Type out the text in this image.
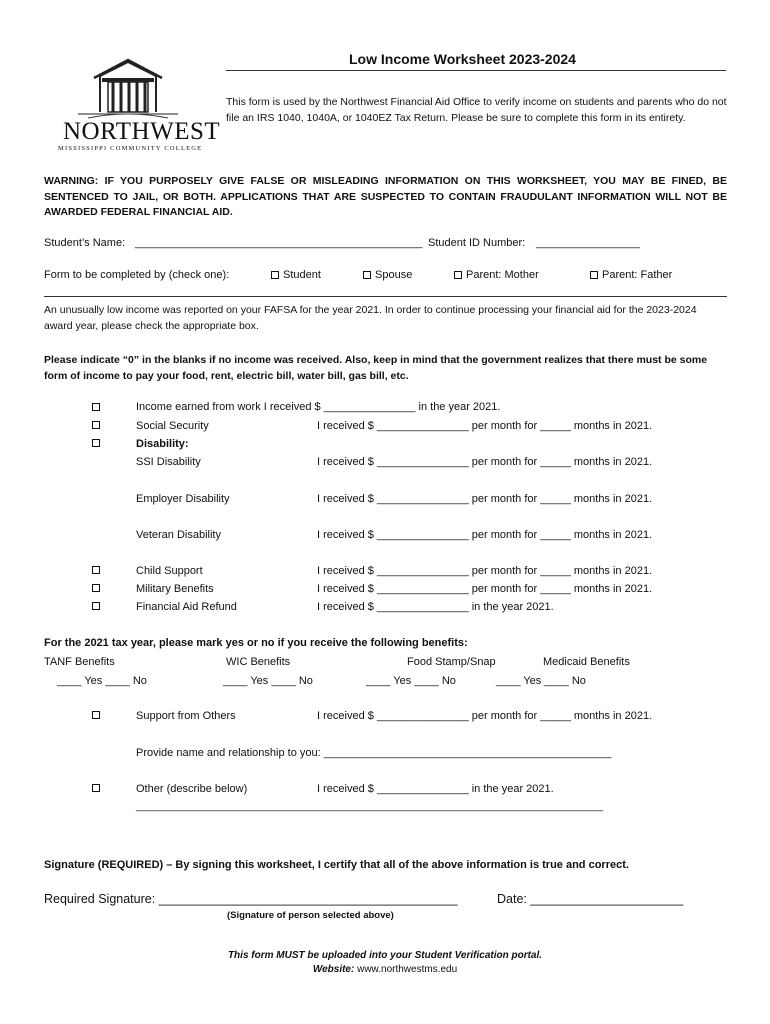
NORTHWEST
MISSISSIPPI COMMUNITY COLLEGE
Low Income Worksheet 2023-2024
This form is used by the Northwest Financial Aid Office to verify income on students and parents who do not file an IRS 1040, 1040A, or 1040EZ Tax Return. Please be sure to complete this form in its entirety.
WARNING: IF YOU PURPOSELY GIVE FALSE OR MISLEADING INFORMATION ON THIS WORKSHEET, YOU MAY BE FINED, BE SENTENCED TO JAIL, OR BOTH. APPLICATIONS THAT ARE SUSPECTED TO CONTAIN FRAUDULANT INFORMATION WILL NOT BE AWARDED FEDERAL FINANCIAL AID.
Student’s Name: _______________________________________________ Student ID Number: _________________
Form to be completed by (check one):	Student	Spouse	Parent: Mother	Parent: Father
An unusually low income was reported on your FAFSA for the year 2021. In order to continue processing your financial aid for the 2023-2024 award year, please check the appropriate box.
Please indicate “0” in the blanks if no income was received. Also, keep in mind that the government realizes that there must be some form of income to pay your food, rent, electric bill, water bill, gas bill, etc.
Income earned from work I received $ _______________ in the year 2021.
Social Security	I received $ _______________ per month for _____ months in 2021.
Disability:
SSI Disability	I received $ _______________ per month for _____ months in 2021.
Employer Disability	I received $ _______________ per month for _____ months in 2021.
Veteran Disability	I received $ _______________ per month for _____ months in 2021.
Child Support	I received $ _______________ per month for _____ months in 2021.
Military Benefits	I received $ _______________ per month for _____ months in 2021.
Financial Aid Refund	I received $ _______________ in the year 2021.
For the 2021 tax year, please mark yes or no if you receive the following benefits:
TANF Benefits	WIC Benefits	Food Stamp/Snap	Medicaid Benefits
____ Yes ____ No	____ Yes ____ No	____ Yes ____ No	____ Yes ____ No
Support from Others	I received $ _______________ per month for _____ months in 2021.
Provide name and relationship to you: _______________________________________________
Other (describe below)	I received $ _______________ in the year 2021.
____________________________________________________________________________________
Signature (REQUIRED) – By signing this worksheet, I certify that all of the above information is true and correct.
Required Signature: ___________________________________________	Date: ______________________
(Signature of person selected above)
This form MUST be uploaded into your Student Verification portal.
Website: www.northwestms.edu
